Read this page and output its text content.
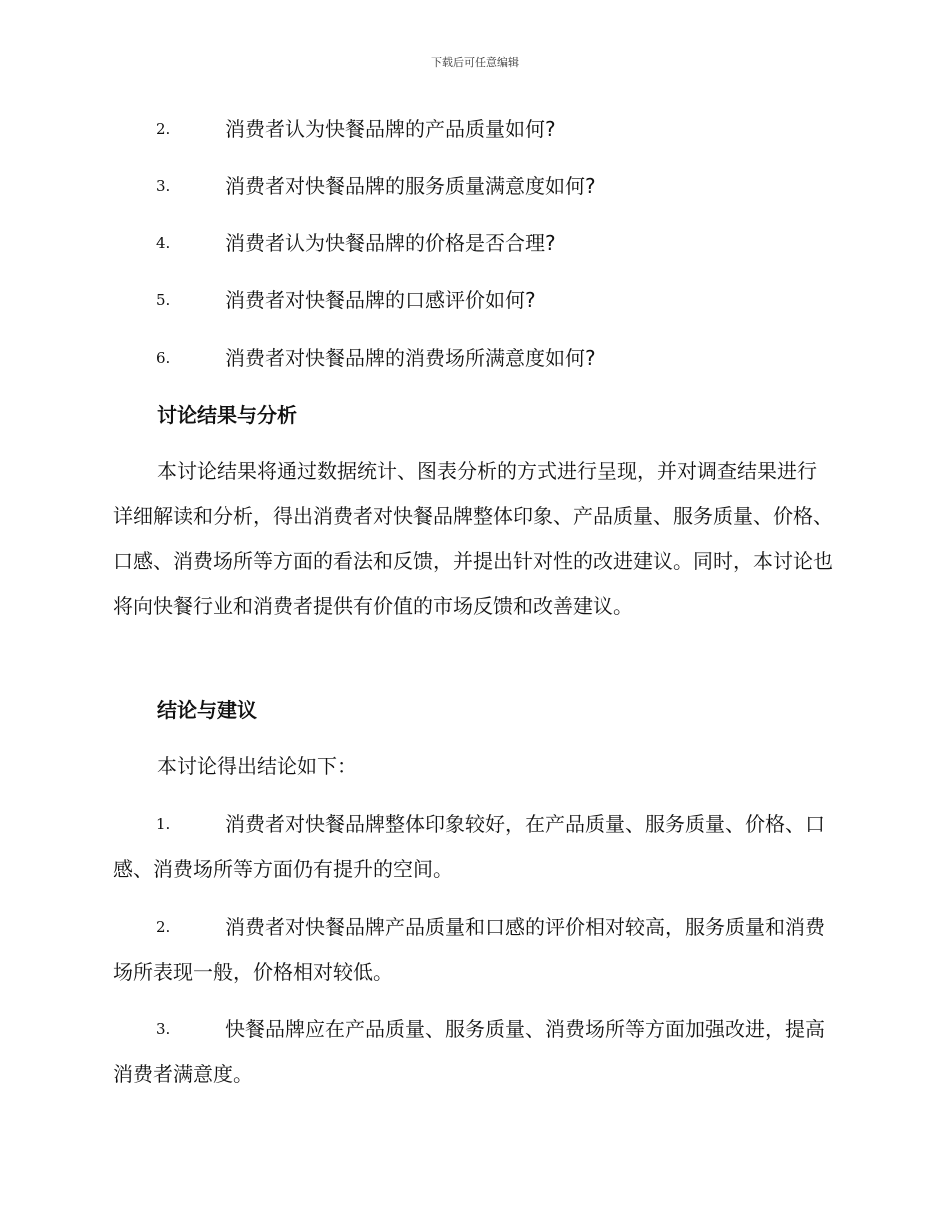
下载后可任意编辑
2.	消费者认为快餐品牌的产品质量如何?
3.	消费者对快餐品牌的服务质量满意度如何?
4.	消费者认为快餐品牌的价格是否合理?
5.	消费者对快餐品牌的口感评价如何?
6.	消费者对快餐品牌的消费场所满意度如何?
讨论结果与分析
本讨论结果将通过数据统计、图表分析的方式进行呈现，并对调查结果进行详细解读和分析，得出消费者对快餐品牌整体印象、产品质量、服务质量、价格、口感、消费场所等方面的看法和反馈，并提出针对性的改进建议。同时，本讨论也将向快餐行业和消费者提供有价值的市场反馈和改善建议。
结论与建议
本讨论得出结论如下：
1.	消费者对快餐品牌整体印象较好，在产品质量、服务质量、价格、口感、消费场所等方面仍有提升的空间。
2.	消费者对快餐品牌产品质量和口感的评价相对较高，服务质量和消费场所表现一般，价格相对较低。
3.	快餐品牌应在产品质量、服务质量、消费场所等方面加强改进，提高消费者满意度。
